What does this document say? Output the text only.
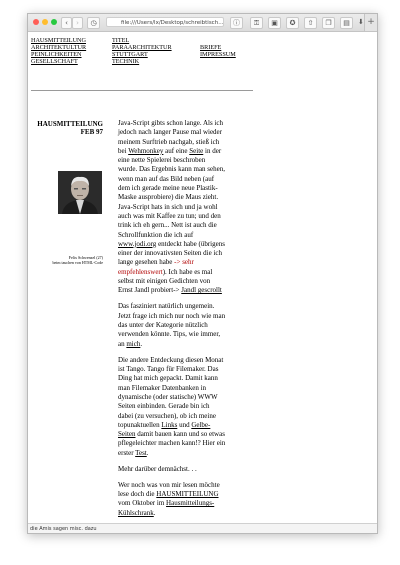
‹	›	◷	file:///Users/lx/Desktop/schreibtisch...	ⓘ	⚿	▣	✪	⇧	❐	▤	⬇ +
HAUSMITTEILUNG
ARCHITEKTULTUR
PEINLICHKEITEN
GESELLSCHAFT
TITEL
PARAARCHITEKTUR
STUTTGART
TECHNIK
BRIEFE
IMPRESSUM
HAUSMITTEILUNG
FEB 97
Felix Schwenzel (27)
beim tauchen von HTML-Code

Java-Script gibts schon lange. Als ich jedoch nach langer Pause mal wieder meinem Surftrieb nachgab, stieß ich bei Wehmonkey auf eine Seite in der eine nette Spielerei beschroben wurde. Das Ergebnis kann man sehen, wenn man auf das Bild neben (auf dem ich gerade meine neue Plastik-Maske ausprobiere) die Maus zieht. Java-Script hats in sich und ja wohl auch was mit Kaffee zu tun; und den trink ich eh gern... Nett ist auch die Schrollfunktion die ich auf www.jodi.org entdeckt habe (übrigens einer der innovativsten Seiten die ich lange gesehen habe -> sehr empfehlenswert). Ich habe es mal selbst mit einigen Gedichten von Ernst Jandl probiert-> Jandl gescrollt

Das fasziniert natürlich ungemein. Jetzt frage ich mich nur noch wie man das unter der Kategorie nützlich verwenden könnte. Tips, wie immer, an mich.

Die andere Entdeckung diesen Monat ist Tango. Tango für Filemaker. Das Ding hat mich gepackt. Damit kann man Filemaker Datenbanken in dynamische (oder statische) WWW Seiten einbinden. Gerade bin ich dabei (zu versuchen), ob ich meine topunaktuellen Links und Gelbe-Seiten damit bauen kann und so etwas pflegeleichter machen kann!? Hier ein erster Test.

Mehr darüber demnächst. . .

Wer noch was von mir lesen möchte lese doch die HAUSMITTEILUNG vom Oktober im Hausmitteilungs-Kühlschrank.

die Amis sagen misc. dazu
